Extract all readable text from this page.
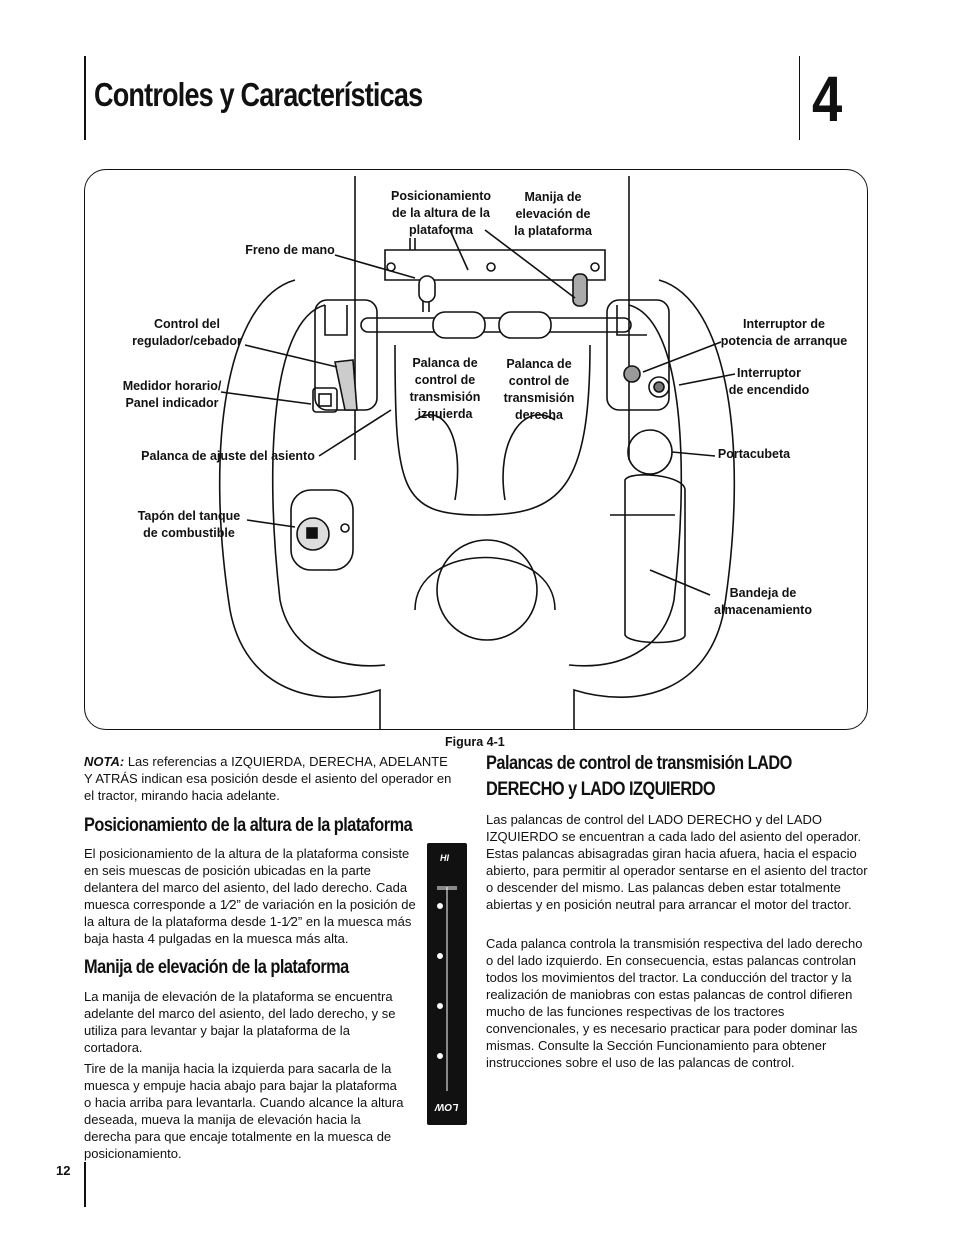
Controles y Características	4
Posicionamiento
de la altura de la
plataforma
Manija de
elevación de
la plataforma
Freno de mano
Control del
regulador/cebador
Interruptor de
potencia de arranque
Medidor horario/
Panel indicador
Palanca de
control de
transmisión
izquierda
Palanca de
control de
transmisión
derecha
Interruptor
de encendido
Palanca de ajuste del asiento	Portacubeta
Tapón del tanque
de combustible
Bandeja de
almacenamiento
Figura 4-1

NOTA: Las referencias a IZQUIERDA, DERECHA, ADELANTE Y ATRÁS indican esa posición desde el asiento del operador en el tractor, mirando hacia adelante.

Posicionamiento de la altura de la plataforma

El posicionamiento de la altura de la plataforma consiste en seis muescas de posición ubicadas en la parte delantera del marco del asiento, del lado derecho. Cada muesca corresponde a 1⁄2” de variación en la posición de la altura de la plataforma desde 1-1⁄2” en la muesca más baja hasta 4 pulgadas en la muesca más alta.

Manija de elevación de la plataforma

La manija de elevación de la plataforma se encuentra adelante del marco del asiento, del lado derecho, y se utiliza para levantar y bajar la plataforma de la cortadora.

Tire de la manija hacia la izquierda para sacarla de la muesca y empuje hacia abajo para bajar la plataforma o hacia arriba para levantarla. Cuando alcance la altura deseada, mueva la manija de elevación hacia la derecha para que encaje totalmente en la muesca de posicionamiento.

HI
LOW
Palancas de control de transmisión LADO DERECHO y LADO IZQUIERDO

Las palancas de control del LADO DERECHO y del LADO IZQUIERDO se encuentran a cada lado del asiento del operador. Estas palancas abisagradas giran hacia afuera, hacia el espacio abierto, para permitir al operador sentarse en el asiento del tractor o descender del mismo. Las palancas deben estar totalmente abiertas y en posición neutral para arrancar el motor del tractor.

Cada palanca controla la transmisión respectiva del lado derecho o del lado izquierdo. En consecuencia, estas palancas controlan todos los movimientos del tractor. La conducción del tractor y la realización de maniobras con estas palancas de control difieren mucho de las funciones respectivas de los tractores convencionales, y es necesario practicar para poder dominar las mismas. Consulte la Sección Funcionamiento para obtener instrucciones sobre el uso de las palancas de control.

12
